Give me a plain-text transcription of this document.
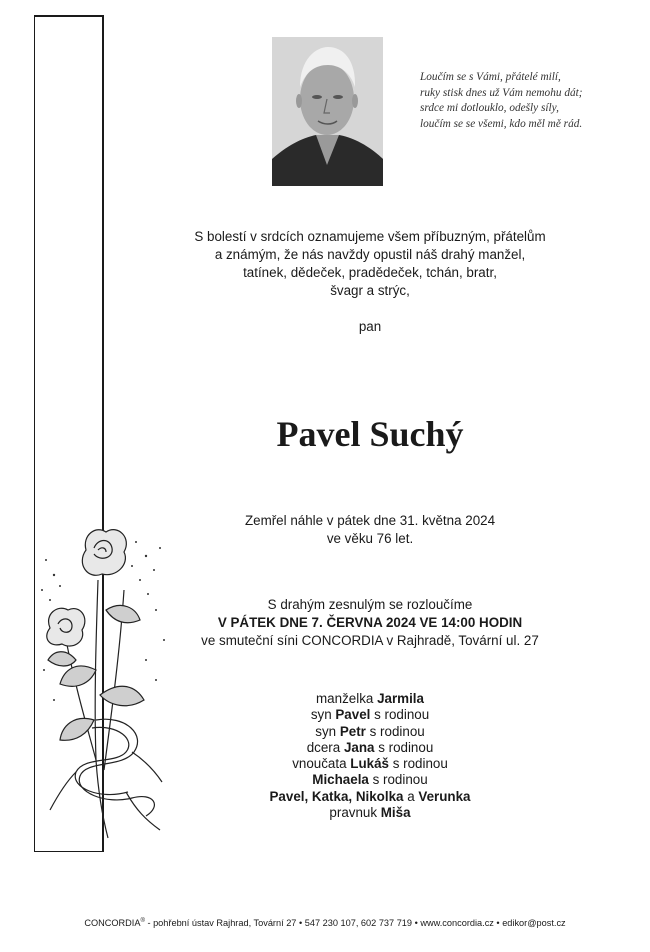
Loučím se s Vámi, přátelé milí,
ruky stisk dnes už Vám nemohu dát;
srdce mi dotlouklo, odešly síly,
loučím se se všemi, kdo měl mě rád.
S bolestí v srdcích oznamujeme všem příbuzným, přátelům
a známým, že nás navždy opustil náš drahý manžel,
tatínek, dědeček, pradědeček, tchán, bratr,
švagr a strýc,
pan
Pavel Suchý
Zemřel náhle v pátek dne 31. května 2024
ve věku 76 let.
S drahým zesnulým se rozloučíme
V PÁTEK DNE 7. ČERVNA 2024 VE 14:00 HODIN
ve smuteční síni CONCORDIA v Rajhradě, Tovární ul. 27
manželka Jarmila
syn Pavel s rodinou
syn Petr s rodinou
dcera Jana s rodinou
vnoučata Lukáš s rodinou
Michaela s rodinou
Pavel, Katka, Nikolka a Verunka
pravnuk Miša
CONCORDIA® - pohřební ústav Rajhrad, Tovární 27 • 547 230 107, 602 737 719 • www.concordia.cz • edikor@post.cz
